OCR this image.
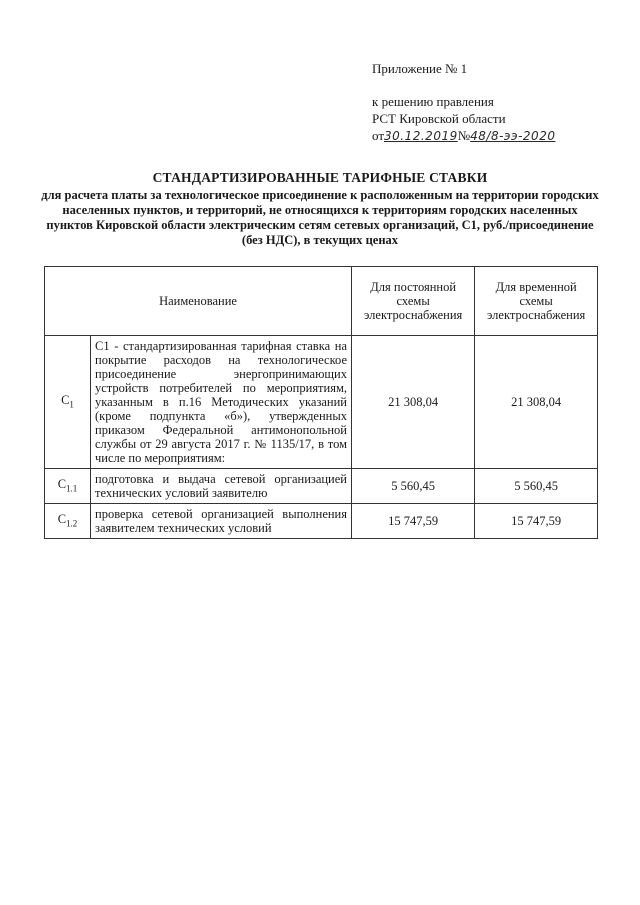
Приложение № 1
к решению правления
РСТ Кировской области
от30.12.2019№48/8-ээ-2020
СТАНДАРТИЗИРОВАННЫЕ ТАРИФНЫЕ СТАВКИ
для расчета платы за технологическое присоединение к расположенным на территории городских населенных пунктов, и территорий, не относящихся к территориям городских населенных пунктов Кировской области электрическим сетям сетевых организаций, С1, руб./присоединение (без НДС), в текущих ценах
Наименование		Для постоянной схемы электроснабжения	Для временной схемы электроснабжения
$C_1$	С1 - стандартизированная тарифная ставка на покрытие расходов на технологическое присоединение энергопринимающих устройств потребителей по мероприятиям, указанным в п.16 Методических указаний (кроме подпункта «б»), утвержденных приказом Федеральной антимонопольной службы от 29 августа 2017 г. № 1135/17, в том числе по мероприятиям:	21 308,04	21 308,04
$C_{1.1}$	подготовка и выдача сетевой организацией технических условий заявителю	5 560,45	5 560,45
$C_{1.2}$	проверка сетевой организацией выполнения заявителем технических условий	15 747,59	15 747,59
